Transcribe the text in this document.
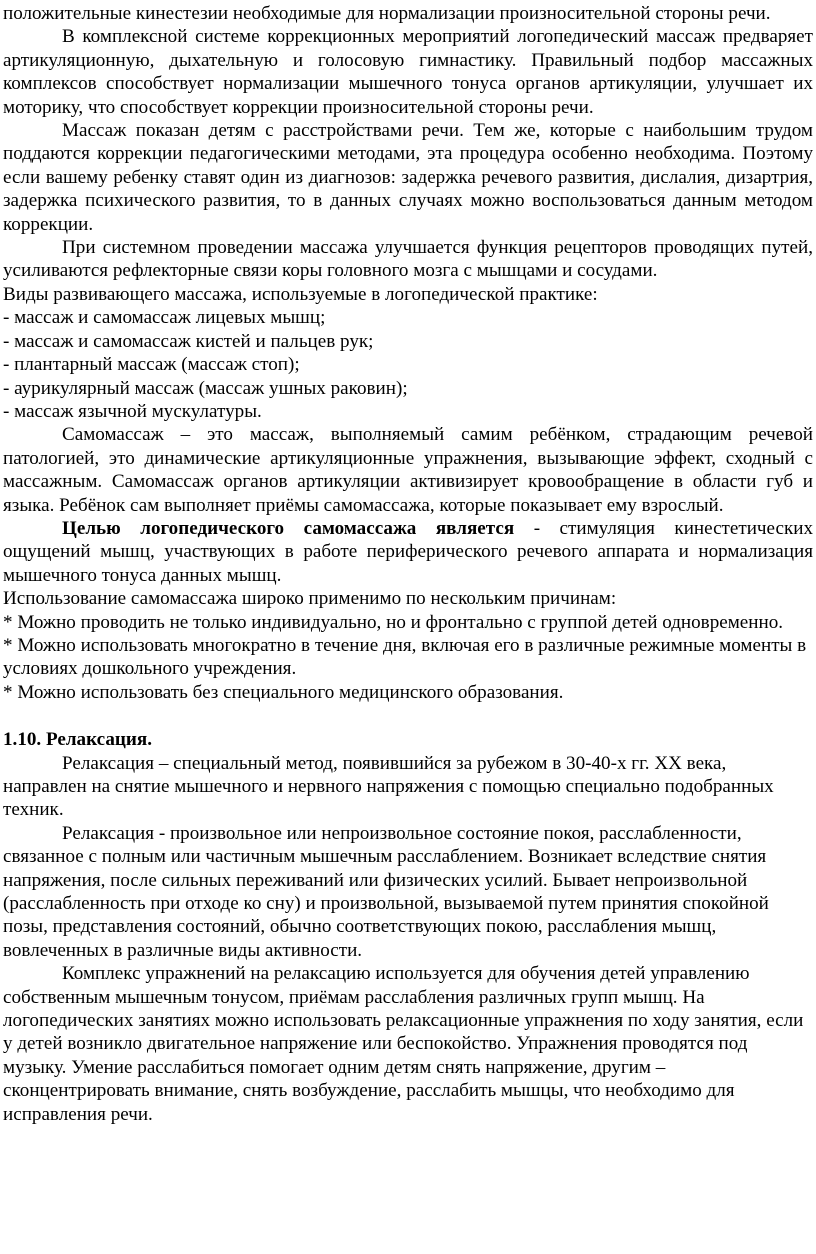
положительные кинестезии необходимые для нормализации произносительной стороны речи.

В комплексной системе коррекционных мероприятий логопедический массаж предваряет артикуляционную, дыхательную и голосовую гимнастику. Правильный подбор массажных комплексов способствует нормализации мышечного тонуса органов артикуляции, улучшает их моторику, что способствует коррекции произносительной стороны речи.

Массаж показан детям с расстройствами речи. Тем же, которые с наибольшим трудом поддаются коррекции педагогическими методами, эта процедура особенно необходима. Поэтому если вашему ребенку ставят один из диагнозов: задержка речевого развития, дислалия, дизартрия, задержка психического развития, то в данных случаях можно воспользоваться данным методом коррекции.

При системном проведении массажа улучшается функция рецепторов проводящих путей, усиливаются рефлекторные связи коры головного мозга с мышцами и сосудами.

Виды развивающего массажа, используемые в логопедической практике:

- массаж и самомассаж лицевых мышц;

- массаж и самомассаж кистей и пальцев рук;

- плантарный массаж (массаж стоп);

- аурикулярный массаж (массаж ушных раковин);

- массаж язычной мускулатуры.

Самомассаж – это массаж, выполняемый самим ребёнком, страдающим речевой патологией, это динамические артикуляционные упражнения, вызывающие эффект, сходный с массажным. Самомассаж органов артикуляции активизирует кровообращение в области губ и языка. Ребёнок сам выполняет приёмы самомассажа, которые показывает ему взрослый.

Целью логопедического самомассажа является - стимуляция кинестетических ощущений мышц, участвующих в работе периферического речевого аппарата и нормализация мышечного тонуса данных мышц.

Использование самомассажа широко применимо по нескольким причинам:

* Можно проводить не только индивидуально, но и фронтально с группой детей одновременно.

* Можно использовать многократно в течение дня, включая его в различные режимные моменты в условиях дошкольного учреждения.

* Можно использовать без специального медицинского образования.

1.10. Релаксация.

Релаксация – специальный метод, появившийся за рубежом в 30-40-х гг. XX века, направлен на снятие мышечного и нервного напряжения с помощью специально подобранных техник.

Релаксация - произвольное или непроизвольное состояние покоя, расслабленности, связанное с полным или частичным мышечным расслаблением. Возникает вследствие снятия напряжения, после сильных переживаний или физических усилий. Бывает непроизвольной (расслабленность при отходе ко сну) и произвольной, вызываемой путем принятия спокойной позы, представления состояний, обычно соответствующих покою, расслабления мышц, вовлеченных в различные виды активности.

Комплекс упражнений на релаксацию используется для обучения детей управлению собственным мышечным тонусом, приёмам расслабления различных групп мышц. На логопедических занятиях можно использовать релаксационные упражнения по ходу занятия, если у детей возникло двигательное напряжение или беспокойство. Упражнения проводятся под музыку. Умение расслабиться помогает одним детям снять напряжение, другим – сконцентрировать внимание, снять возбуждение, расслабить мышцы, что необходимо для исправления речи.
